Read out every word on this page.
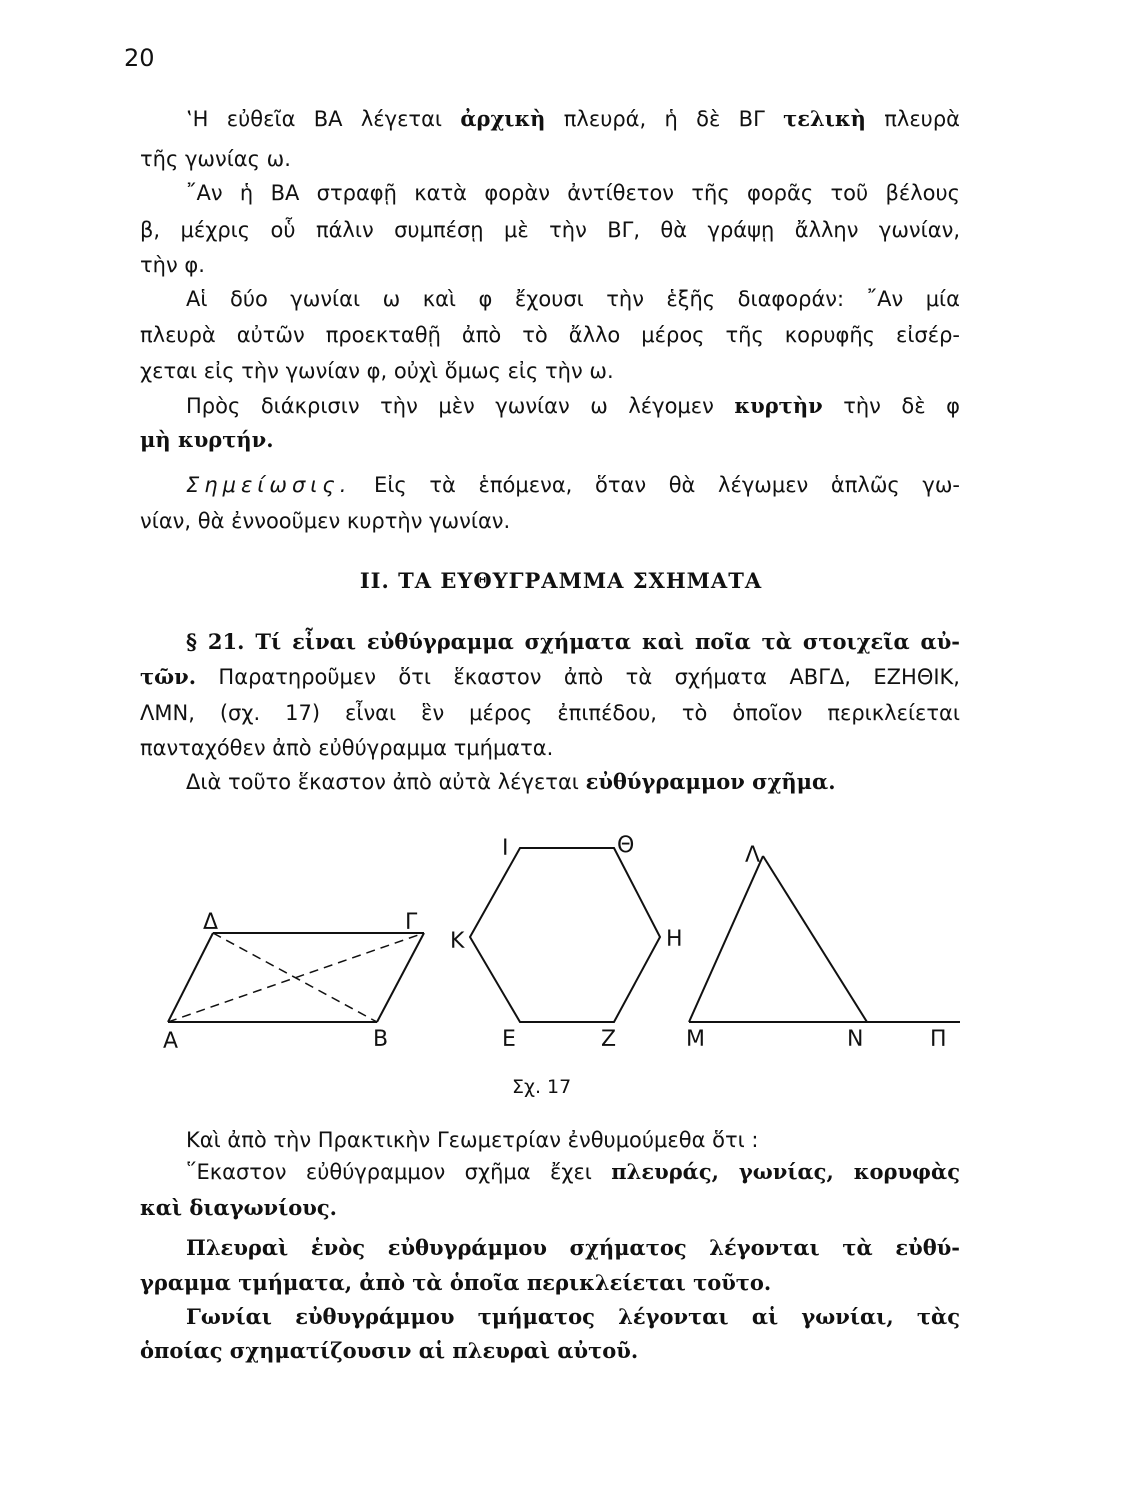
20
‛Η εὐθεῖα ΒΑ λέγεται ἀρχικὴ πλευρά, ἡ δὲ ΒΓ τελικὴ πλευρὰ
τῆς γωνίας ω.
῎Αν ἡ ΒΑ στραφῇ κατὰ φορὰν ἀντίθετον τῆς φορᾶς τοῦ βέλους
β, μέχρις οὗ πάλιν συμπέσῃ μὲ τὴν ΒΓ, θὰ γράψῃ ἄλλην γωνίαν,
τὴν φ.
Αἱ δύο γωνίαι ω καὶ φ ἔχουσι τὴν ἑξῆς διαφοράν: ῎Αν μία
πλευρὰ αὐτῶν προεκταθῇ ἀπὸ τὸ ἄλλο μέρος τῆς κορυφῆς εἰσέρ-
χεται εἰς τὴν γωνίαν φ, οὐχὶ ὅμως εἰς τὴν ω.
Πρὸς διάκρισιν τὴν μὲν γωνίαν ω λέγομεν κυρτὴν τὴν δὲ φ
μὴ κυρτήν.
Σημείωσις. Εἰς τὰ ἑπόμενα, ὅταν θὰ λέγωμεν ἁπλῶς γω-
νίαν, θὰ ἐννοοῦμεν κυρτὴν γωνίαν.
ΙΙ. ΤΑ ΕΥΘΥΓΡΑΜΜΑ ΣΧΗΜΑΤΑ
§ 21. Τί εἶναι εὐθύγραμμα σχήματα καὶ ποῖα τὰ στοιχεῖα αὐ-
τῶν. Παρατηροῦμεν ὅτι ἕκαστον ἀπὸ τὰ σχήματα ΑΒΓΔ, ΕΖΗΘΙΚ,
ΛΜΝ, (σχ. 17) εἶναι ἓν μέρος ἐπιπέδου, τὸ ὁποῖον περικλείεται
πανταχόθεν ἀπὸ εὐθύγραμμα τμήματα.
Διὰ τοῦτο ἕκαστον ἀπὸ αὐτὰ λέγεται εὐθύγραμμον σχῆμα.
Δ	Γ
Α	Β
Ι	Θ
Κ	Η
Ε	Ζ
Λ
Μ	Ν	Π
Σχ. 17
Καὶ ἀπὸ τὴν Πρακτικὴν Γεωμετρίαν ἐνθυμούμεθα ὅτι :
῞Εκαστον εὐθύγραμμον σχῆμα ἔχει πλευράς, γωνίας, κορυφὰς
καὶ διαγωνίους.
Πλευραὶ ἑνὸς εὐθυγράμμου σχήματος λέγονται τὰ εὐθύ-
γραμμα τμήματα, ἀπὸ τὰ ὁποῖα περικλείεται τοῦτο.
Γωνίαι εὐθυγράμμου τμήματος λέγονται αἱ γωνίαι, τὰς
ὁποίας σχηματίζουσιν αἱ πλευραὶ αὐτοῦ.
